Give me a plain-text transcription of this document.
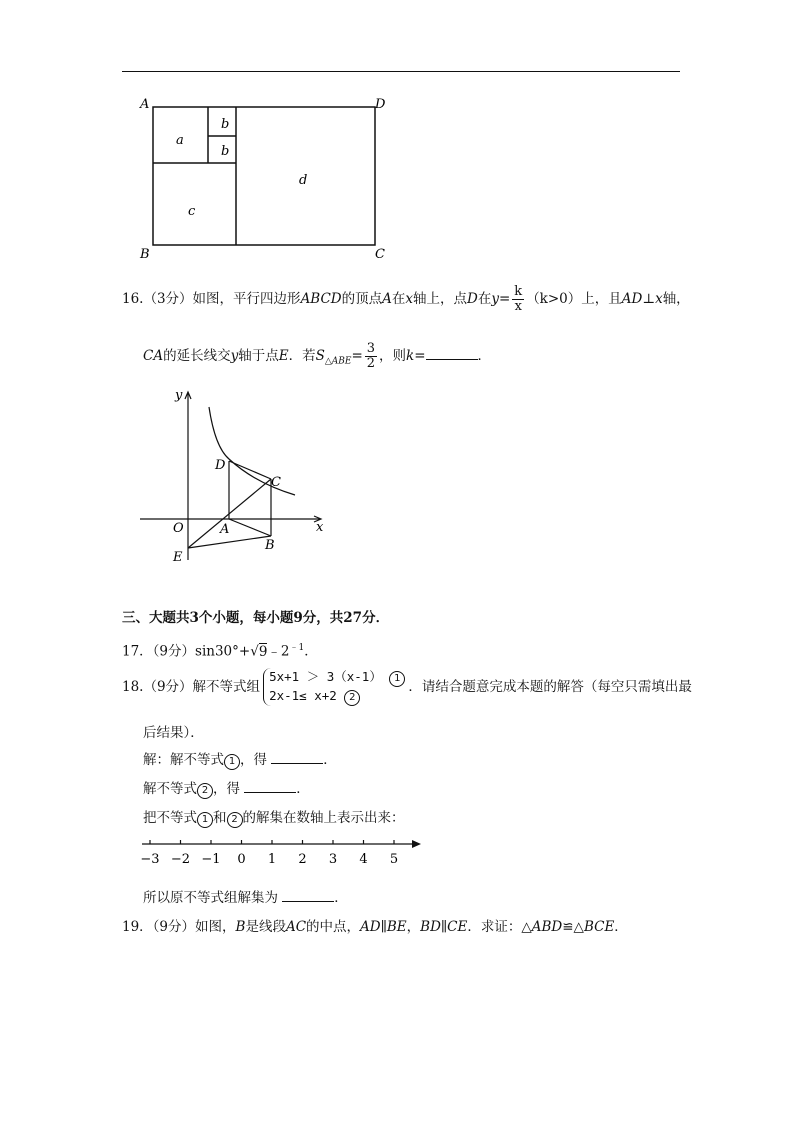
A	D
B	C
a
b
b
c
d
16.（3分）如图，平行四边形ABCD的顶点A在x轴上，点D在$y= \frac{k}{x} (k>0)$上，且AD⊥x轴，
CA的延长线交y轴于点E．若$S_{\triangle ABE}= \frac{3}{2}$ ，则k=	．
y
x
O	A
B
C
D
E
三、大题共3个小题，每小题9分，共27分．
17．（9分）$\sin 30^\circ+√9﹣2^{﹣1}$．
18.（9分）解不等式组5x+1 ＞ 3（x-1） 1
2x-1≤ x+2 2．请结合题意完成本题的解答（每空只需填出最
后结果）．
解：解不等式 1 ，得	．
解不等式 2 ，得	．
把不等式 1 和 2 的解集在数轴上表示出来：
−3 −2 −1 0 1 2 3 4 5
所以原不等式组解集为	．
19．（9分）如图，B是线段AC的中点，AD∥BE，BD∥CE．求证：△ABD≌△BCE．
